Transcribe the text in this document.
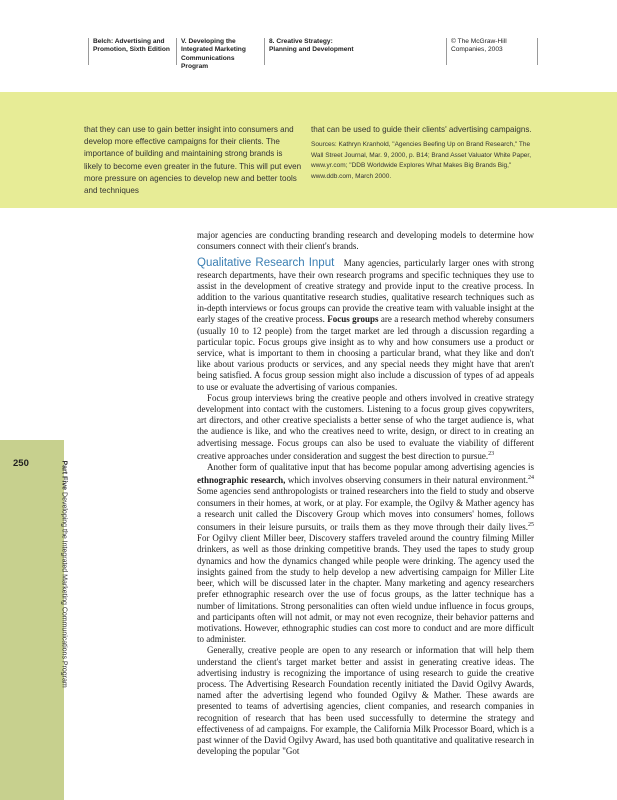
Belch: Advertising and
Promotion, Sixth Edition
V. Developing the
Integrated Marketing
Communications Program
8. Creative Strategy:
Planning and Development
© The McGraw-Hill
Companies, 2003
that they can use to gain better insight into consumers and develop more effective campaigns for their clients. The importance of building and maintaining strong brands is likely to become even greater in the future. This will put even more pressure on agencies to develop new and better tools and techniques
that can be used to guide their clients' advertising campaigns.
Sources: Kathryn Kranhold, "Agencies Beefing Up on Brand Research," The Wall Street Journal, Mar. 9, 2000, p. B14; Brand Asset Valuator White Paper, www.yr.com; "DDB Worldwide Explores What Makes Big Brands Big," www.ddb.com, March 2000.
250	Part Five Developing the Integrated Marketing Communications Program

major agencies are conducting branding research and developing models to determine how consumers connect with their client's brands.

Qualitative Research Input Many agencies, particularly larger ones with strong research departments, have their own research programs and specific techniques they use to assist in the development of creative strategy and provide input to the creative process. In addition to the various quantitative research studies, qualitative research techniques such as in-depth interviews or focus groups can provide the creative team with valuable insight at the early stages of the creative process. Focus groups are a research method whereby consumers (usually 10 to 12 people) from the target market are led through a discussion regarding a particular topic. Focus groups give insight as to why and how consumers use a product or service, what is important to them in choosing a particular brand, what they like and don't like about various products or services, and any special needs they might have that aren't being satisfied. A focus group session might also include a discussion of types of ad appeals to use or evaluate the advertising of various companies.

Focus group interviews bring the creative people and others involved in creative strategy development into contact with the customers. Listening to a focus group gives copywriters, art directors, and other creative specialists a better sense of who the target audience is, what the audience is like, and who the creatives need to write, design, or direct to in creating an advertising message. Focus groups can also be used to evaluate the viability of different creative approaches under consideration and suggest the best direction to pursue.$^{23}$

Another form of qualitative input that has become popular among advertising agencies is ethnographic research, which involves observing consumers in their natural environment.$^{24}$ Some agencies send anthropologists or trained researchers into the field to study and observe consumers in their homes, at work, or at play. For example, the Ogilvy & Mather agency has a research unit called the Discovery Group which moves into consumers' homes, follows consumers in their leisure pursuits, or trails them as they move through their daily lives.$^{25}$ For Ogilvy client Miller beer, Discovery staffers traveled around the country filming Miller drinkers, as well as those drinking competitive brands. They used the tapes to study group dynamics and how the dynamics changed while people were drinking. The agency used the insights gained from the study to help develop a new advertising campaign for Miller Lite beer, which will be discussed later in the chapter. Many marketing and agency researchers prefer ethnographic research over the use of focus groups, as the latter technique has a number of limitations. Strong personalities can often wield undue influence in focus groups, and participants often will not admit, or may not even recognize, their behavior patterns and motivations. However, ethnographic studies can cost more to conduct and are more difficult to administer.

Generally, creative people are open to any research or information that will help them understand the client's target market better and assist in generating creative ideas. The advertising industry is recognizing the importance of using research to guide the creative process. The Advertising Research Foundation recently initiated the David Ogilvy Awards, named after the advertising legend who founded Ogilvy & Mather. These awards are presented to teams of advertising agencies, client companies, and research companies in recognition of research that has been used successfully to determine the strategy and effectiveness of ad campaigns. For example, the California Milk Processor Board, which is a past winner of the David Ogilvy Award, has used both quantitative and qualitative research in developing the popular "Got
